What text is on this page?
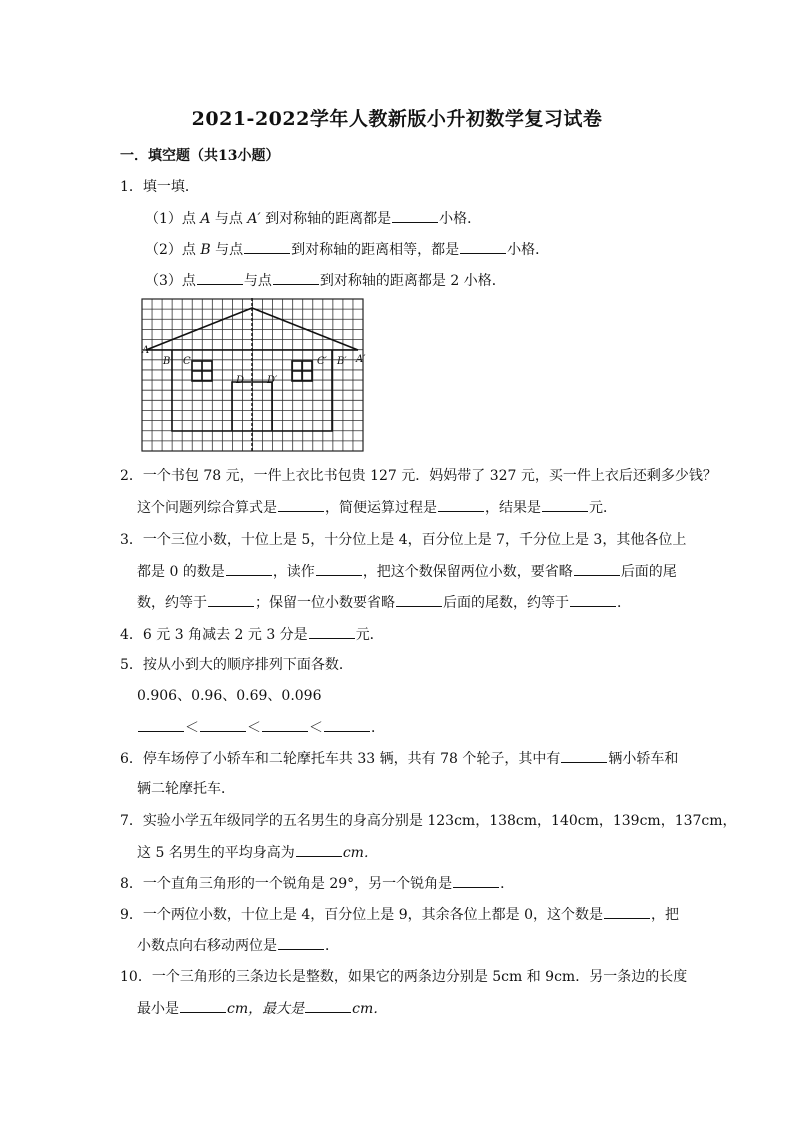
2021-2022学年人教新版小升初数学复习试卷
一．填空题（共13小题）
1．填一填．
（1）点 A 与点 A′ 到对称轴的距离都是	小格．
（2）点 B 与点	到对称轴的距离相等，都是	小格．
（3）点	与点	到对称轴的距离都是 2 小格．
A
B C
D D′
C′ B′ A′
2．一个书包 78 元，一件上衣比书包贵 127 元．妈妈带了 327 元，买一件上衣后还剩多少钱？
这个问题列综合算式是	，简便运算过程是	，结果是	元．
3．一个三位小数，十位上是 5，十分位上是 4，百分位上是 7，千分位上是 3，其他各位上
都是 0 的数是	，读作	，把这个数保留两位小数，要省略	后面的尾
数，约等于	；保留一位小数要省略	后面的尾数，约等于	．
4．6 元 3 角减去 2 元 3 分是	元．
5．按从小到大的顺序排列下面各数．
0.906、0.96、0.69、0.096
＜	＜	＜	．
6．停车场停了小轿车和二轮摩托车共 33 辆，共有 78 个轮子，其中有	辆小轿车和
辆二轮摩托车．
7．实验小学五年级同学的五名男生的身高分别是 123cm，138cm，140cm，139cm，137cm，
这 5 名男生的平均身高为	cm．
8．一个直角三角形的一个锐角是 29°，另一个锐角是	．
9．一个两位小数，十位上是 4，百分位上是 9，其余各位上都是 0，这个数是	，把
小数点向右移动两位是	．
10．一个三角形的三条边长是整数，如果它的两条边分别是 5cm 和 9cm．另一条边的长度
最小是	cm，最大是	cm．
